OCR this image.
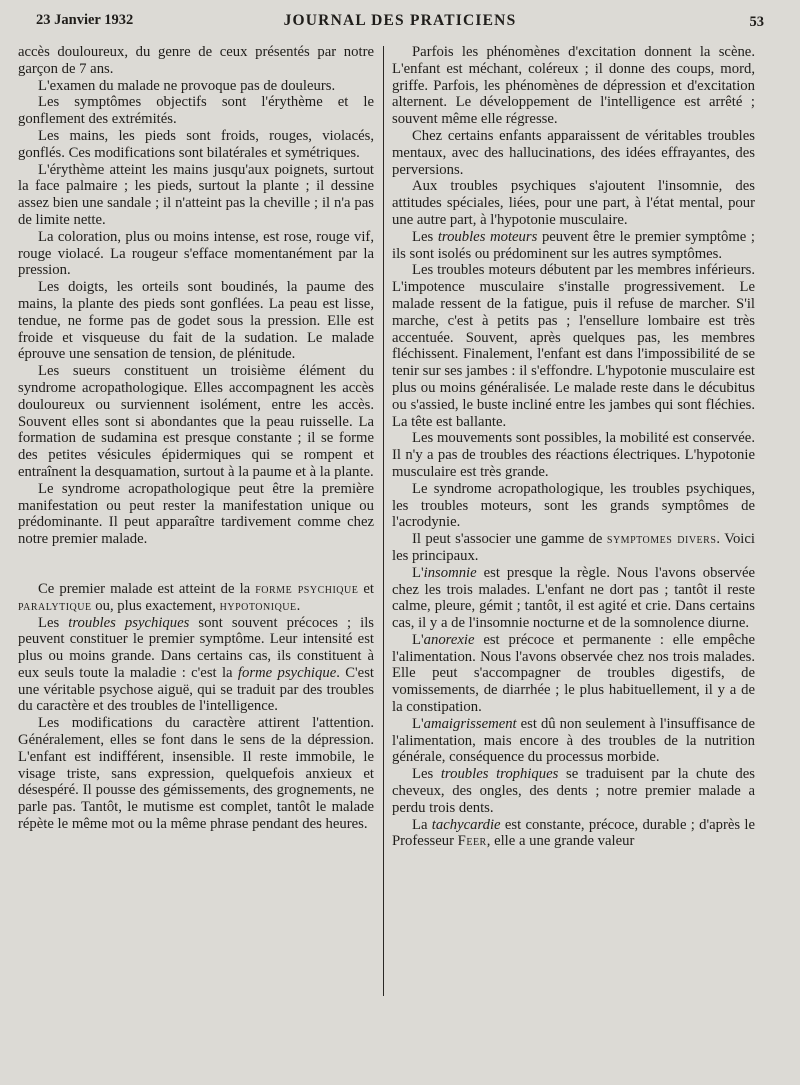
23 Janvier 1932	JOURNAL DES PRATICIENS	53

accès douloureux, du genre de ceux présentés par notre garçon de 7 ans.

L'examen du malade ne provoque pas de douleurs.

Les symptômes objectifs sont l'érythème et le gonflement des extrémités.

Les mains, les pieds sont froids, rouges, violacés, gonflés. Ces modifications sont bilatérales et symétriques.

L'érythème atteint les mains jusqu'aux poignets, surtout la face palmaire ; les pieds, surtout la plante ; il dessine assez bien une sandale ; il n'atteint pas la cheville ; il n'a pas de limite nette.

La coloration, plus ou moins intense, est rose, rouge vif, rouge violacé. La rougeur s'efface momentanément par la pression.

Les doigts, les orteils sont boudinés, la paume des mains, la plante des pieds sont gonflées. La peau est lisse, tendue, ne forme pas de godet sous la pression. Elle est froide et visqueuse du fait de la sudation. Le malade éprouve une sensation de tension, de plénitude.

Les sueurs constituent un troisième élément du syndrome acropathologique. Elles accompagnent les accès douloureux ou surviennent isolément, entre les accès. Souvent elles sont si abondantes que la peau ruisselle. La formation de sudamina est presque constante ; il se forme des petites vésicules épidermiques qui se rompent et entraînent la desquamation, surtout à la paume et à la plante.

Le syndrome acropathologique peut être la première manifestation ou peut rester la manifestation unique ou prédominante. Il peut apparaître tardivement comme chez notre premier malade.

Ce premier malade est atteint de la forme psychique et paralytique ou, plus exactement, hypotonique.

Les troubles psychiques sont souvent précoces ; ils peuvent constituer le premier symptôme. Leur intensité est plus ou moins grande. Dans certains cas, ils constituent à eux seuls toute la maladie : c'est la forme psychique. C'est une véritable psychose aiguë, qui se traduit par des troubles du caractère et des troubles de l'intelligence.

Les modifications du caractère attirent l'attention. Généralement, elles se font dans le sens de la dépression. L'enfant est indifférent, insensible. Il reste immobile, le visage triste, sans expression, quelquefois anxieux et désespéré. Il pousse des gémissements, des grognements, ne parle pas. Tantôt, le mutisme est complet, tantôt le malade répète le même mot ou la même phrase pendant des heures.

Parfois les phénomènes d'excitation donnent la scène. L'enfant est méchant, coléreux ; il donne des coups, mord, griffe. Parfois, les phénomènes de dépression et d'excitation alternent. Le développement de l'intelligence est arrêté ; souvent même elle régresse.

Chez certains enfants apparaissent de véritables troubles mentaux, avec des hallucinations, des idées effrayantes, des perversions.

Aux troubles psychiques s'ajoutent l'insomnie, des attitudes spéciales, liées, pour une part, à l'état mental, pour une autre part, à l'hypotonie musculaire.

Les troubles moteurs peuvent être le premier symptôme ; ils sont isolés ou prédominent sur les autres symptômes.

Les troubles moteurs débutent par les membres inférieurs. L'impotence musculaire s'installe progressivement. Le malade ressent de la fatigue, puis il refuse de marcher. S'il marche, c'est à petits pas ; l'ensellure lombaire est très accentuée. Souvent, après quelques pas, les membres fléchissent. Finalement, l'enfant est dans l'impossibilité de se tenir sur ses jambes : il s'effondre. L'hypotonie musculaire est plus ou moins généralisée. Le malade reste dans le décubitus ou s'assied, le buste incliné entre les jambes qui sont fléchies. La tête est ballante.

Les mouvements sont possibles, la mobilité est conservée. Il n'y a pas de troubles des réactions électriques. L'hypotonie musculaire est très grande.

Le syndrome acropathologique, les troubles psychiques, les troubles moteurs, sont les grands symptômes de l'acrodynie.

Il peut s'associer une gamme de symptomes divers. Voici les principaux.

L'insomnie est presque la règle. Nous l'avons observée chez les trois malades. L'enfant ne dort pas ; tantôt il reste calme, pleure, gémit ; tantôt, il est agité et crie. Dans certains cas, il y a de l'insomnie nocturne et de la somnolence diurne.

L'anorexie est précoce et permanente : elle empêche l'alimentation. Nous l'avons observée chez nos trois malades. Elle peut s'accompagner de troubles digestifs, de vomissements, de diarrhée ; le plus habituellement, il y a de la constipation.

L'amaigrissement est dû non seulement à l'insuffisance de l'alimentation, mais encore à des troubles de la nutrition générale, conséquence du processus morbide.

Les troubles trophiques se traduisent par la chute des cheveux, des ongles, des dents ; notre premier malade a perdu trois dents.

La tachycardie est constante, précoce, durable ; d'après le Professeur Feer, elle a une grande valeur
